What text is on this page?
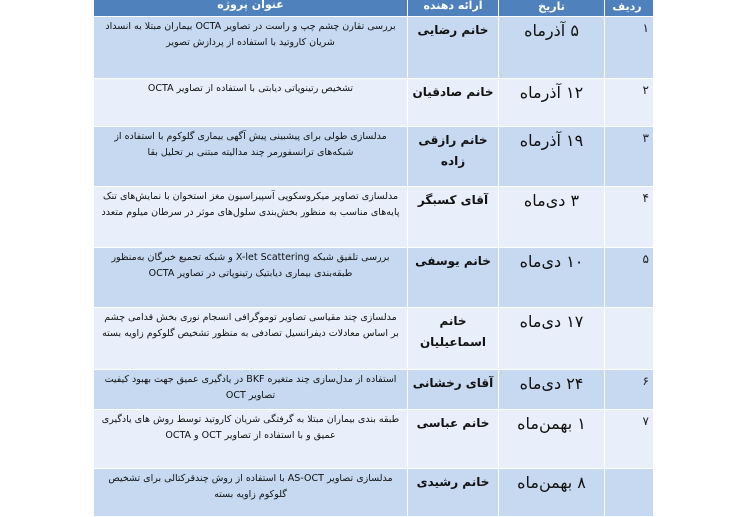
ردیف	تاریخ	ارائه دهنده	عنوان پروژه
۱	۵ آذرماه	خانم رضایی	بررسی تقارن چشم چپ و راست در تصاویر OCTA بیماران مبتلا به انسداد شریان کاروتید با استفاده از پردازش تصویر
۲	۱۲ آذرماه	خانم صادقیان	تشخیص رتینوپاتی دیابتی با استفاده از تصاویر OCTA
۳	۱۹ آذرماه	خانم رازقی زاده	مدلسازی طولی برای پیشبینی پیش آگهی بیماری گلوکوم با استفاده از شبکه‌های ترانسفورمر چند مدالیته مبتنی بر تحلیل بقا
۴	۳ دی‌ماه	آقای کسبگر	مدلسازی تصاویر میکروسکوپی آسپیراسیون مغز استخوان با نمایش‌های تنک پایه‌های مناسب به منظور بخش‌بندی سلول‌های موثر در سرطان میلوم متعدد
۵	۱۰ دی‌ماه	خانم یوسفی	بررسی تلفیق شبکه X-let Scattering و شبکه تجمیع خبرگان به‌منظور طبقه‌بندی بیماری دیابتیک رتینوپاتی در تصاویر OCTA
	۱۷ دی‌ماه	خانم اسماعیلیان	مدلسازی چند مقیاسی تصاویر توموگرافی انسجام نوری بخش قدامی چشم بر اساس معادلات دیفرانسیل تصادفی به منظور تشخیص گلوکوم زاویه بسته
۶	۲۴ دی‌ماه	آقای رخشانی	استفاده از مدل‌سازی چند متغیره BKF در یادگیری عمیق جهت بهبود کیفیت تصاویر OCT
۷	۱ بهمن‌ماه	خانم عباسی	طبقه بندی بیماران مبتلا به گرفتگی شریان کاروتید توسط روش های یادگیری عمیق و با استفاده از تصاویر OCT و OCTA
	۸ بهمن‌ماه	خانم رشیدی	مدلسازی تصاویر AS-OCT با استفاده از روش چندقرکتالی برای تشخیص گلوکوم زاویه بسته
